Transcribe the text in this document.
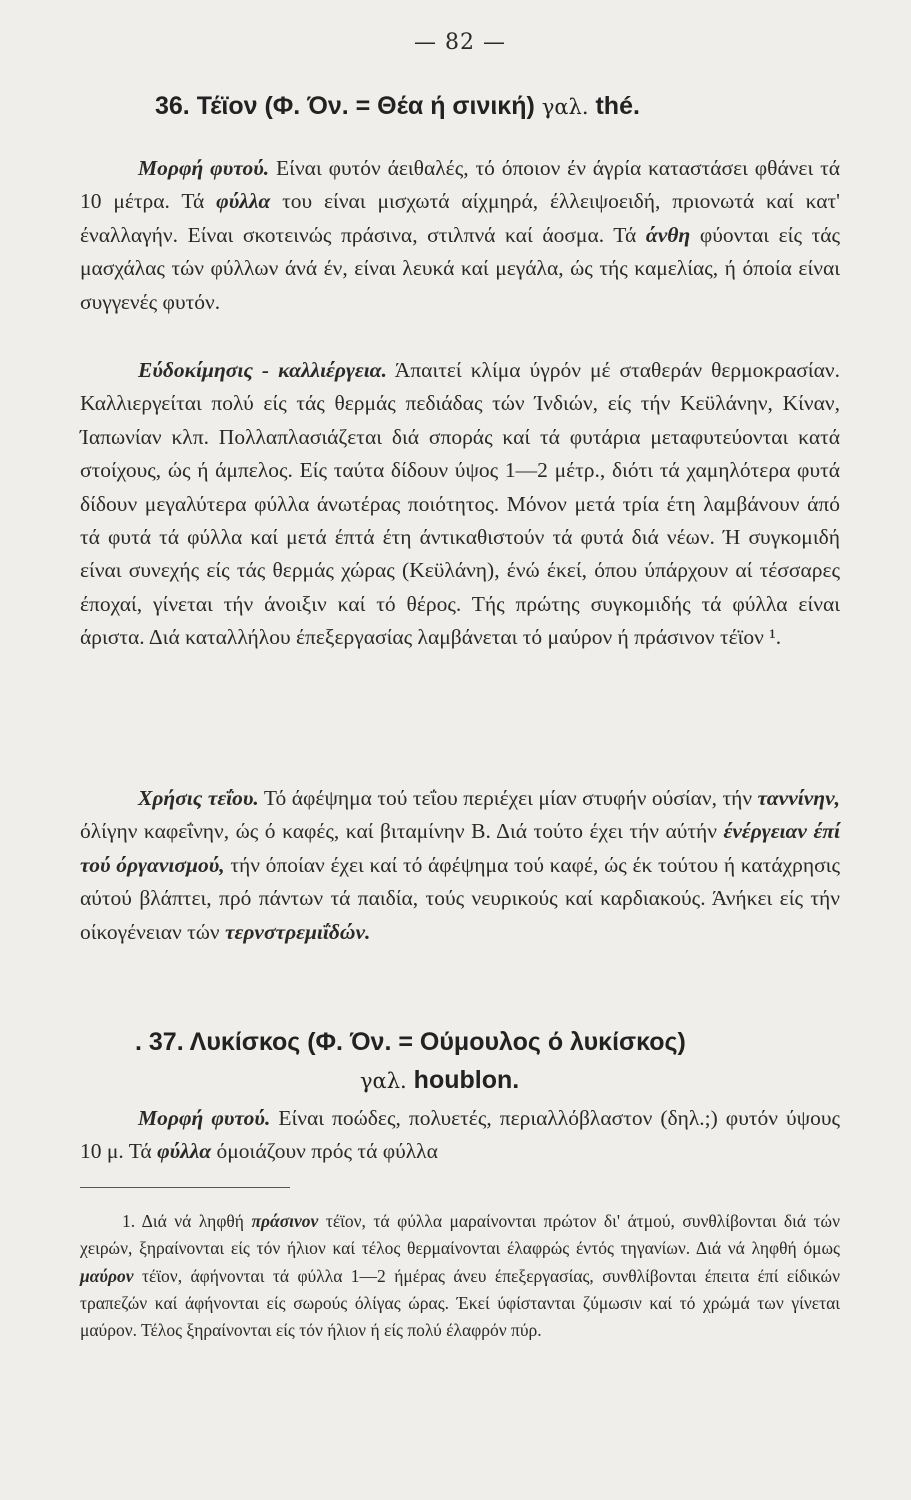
— 82 —
36. Τέϊον (Φ. Όν. = Θέα ή σινική) γαλ. thé.
Μορφή φυτού. Είναι φυτόν άειθαλές, τό όποιον έν άγρία καταστάσει φθάνει τά 10 μέτρα. Τά φύλλα του είναι μισχωτά αίχμηρά, έλλειψοειδή, πριονωτά καί κατ' έναλλαγήν. Είναι σκοτεινώς πράσινα, στιλπνά καί άοσμα. Τά άνθη φύονται είς τάς μασχάλας τών φύλλων άνά έν, είναι λευκά καί μεγάλα, ώς τής καμελίας, ή όποία είναι συγγενές φυτόν.
Εύδοκίμησις - καλλιέργεια. Άπαιτεί κλίμα ύγρόν μέ σταθεράν θερμοκρασίαν. Καλλιεργείται πολύ είς τάς θερμάς πεδιάδας τών Ίνδιών, είς τήν Κεϋλάνην, Κίναν, Ίαπωνίαν κλπ. Πολλαπλασιάζεται διά σποράς καί τά φυτάρια μεταφυτεύονται κατά στοίχους, ώς ή άμπελος. Είς ταύτα δίδουν ύψος 1—2 μέτρ., διότι τά χαμηλότερα φυτά δίδουν μεγαλύτερα φύλλα άνωτέρας ποιότητος. Μόνον μετά τρία έτη λαμβάνουν άπό τά φυτά τά φύλλα καί μετά έπτά έτη άντικαθιστούν τά φυτά διά νέων. Ή συγκομιδή είναι συνεχής είς τάς θερμάς χώρας (Κεϋλάνη), ένώ έκεί, όπου ύπάρχουν αί τέσσαρες έποχαί, γίνεται τήν άνοιξιν καί τό θέρος. Τής πρώτης συγκομιδής τά φύλλα είναι άριστα. Διά καταλλήλου έπεξεργασίας λαμβάνεται τό μαύρον ή πράσινον τέϊον ¹.
Χρήσις τεΐου. Τό άφέψημα τού τεΐου περιέχει μίαν στυφήν ούσίαν, τήν ταννίνην, όλίγην καφεΐνην, ώς ό καφές, καί βιταμίνην Β. Διά τούτο έχει τήν αύτήν ένέργειαν έπί τού όργανισμού, τήν όποίαν έχει καί τό άφέψημα τού καφέ, ώς έκ τούτου ή κατάχρησις αύτού βλάπτει, πρό πάντων τά παιδία, τούς νευρικούς καί καρδιακούς. Άνήκει είς τήν οίκογένειαν τών τερνστρεμιΐδών.
. 37. Λυκίσκος (Φ. Όν. = Ούμουλος ό λυκίσκος)
γαλ. houblon.
Μορφή φυτού. Είναι ποώδες, πολυετές, περιαλλόβλαστον (δηλ.;) φυτόν ύψους 10 μ. Τά φύλλα όμοιάζουν πρός τά φύλλα
1. Διά νά ληφθή πράσινον τέϊον, τά φύλλα μαραίνονται πρώτον δι' άτμού, συνθλίβονται διά τών χειρών, ξηραίνονται είς τόν ήλιον καί τέλος θερμαίνονται έλαφρώς έντός τηγανίων. Διά νά ληφθή όμως μαύρον τέϊον, άφήνονται τά φύλλα 1—2 ήμέρας άνευ έπεξεργασίας, συνθλίβονται έπειτα έπί είδικών τραπεζών καί άφήνονται είς σωρούς όλίγας ώρας. Έκεί ύφίστανται ζύμωσιν καί τό χρώμά των γίνεται μαύρον. Τέλος ξηραίνονται είς τόν ήλιον ή είς πολύ έλαφρόν πύρ.
